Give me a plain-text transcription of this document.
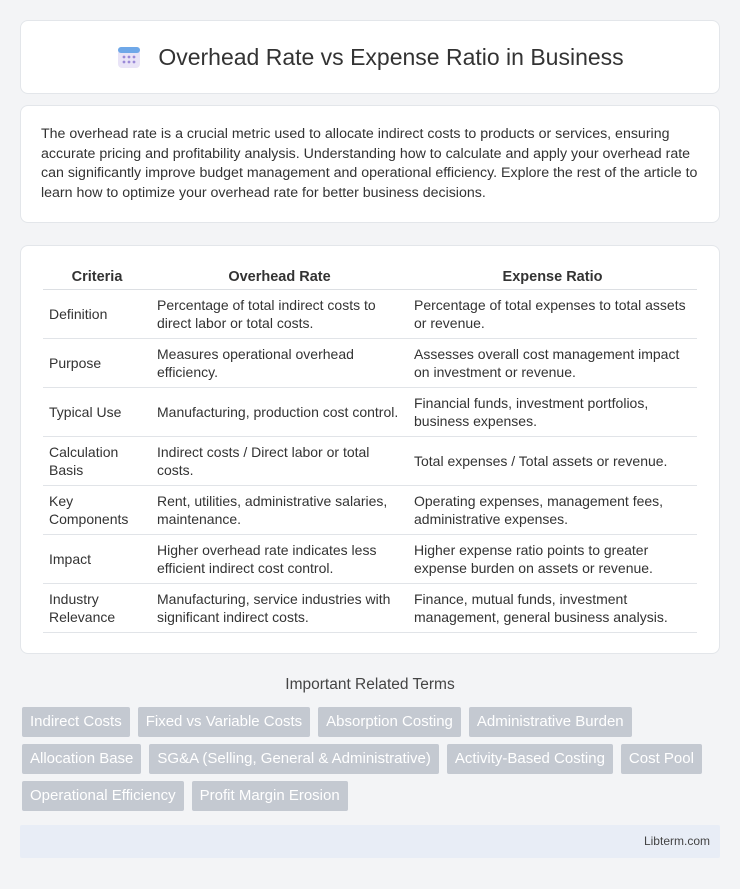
Overhead Rate vs Expense Ratio in Business

The overhead rate is a crucial metric used to allocate indirect costs to products or services, ensuring accurate pricing and profitability analysis. Understanding how to calculate and apply your overhead rate can significantly improve budget management and operational efficiency. Explore the rest of the article to learn how to optimize your overhead rate for better business decisions.

Criteria	Overhead Rate	Expense Ratio
Definition	Percentage of total indirect costs to direct labor or total costs.	Percentage of total expenses to total assets or revenue.
Purpose	Measures operational overhead efficiency.	Assesses overall cost management impact on investment or revenue.
Typical Use	Manufacturing, production cost control.	Financial funds, investment portfolios, business expenses.
Calculation Basis	Indirect costs / Direct labor or total costs.	Total expenses / Total assets or revenue.
Key Components	Rent, utilities, administrative salaries, maintenance.	Operating expenses, management fees, administrative expenses.
Impact	Higher overhead rate indicates less efficient indirect cost control.	Higher expense ratio points to greater expense burden on assets or revenue.
Industry Relevance	Manufacturing, service industries with significant indirect costs.	Finance, mutual funds, investment management, general business analysis.
Important Related Terms
Indirect Costs	Fixed vs Variable Costs	Absorption Costing	Administrative Burden
Allocation Base	SG&A (Selling, General & Administrative)	Activity-Based Costing	Cost Pool
Operational Efficiency	Profit Margin Erosion
Libterm.com
